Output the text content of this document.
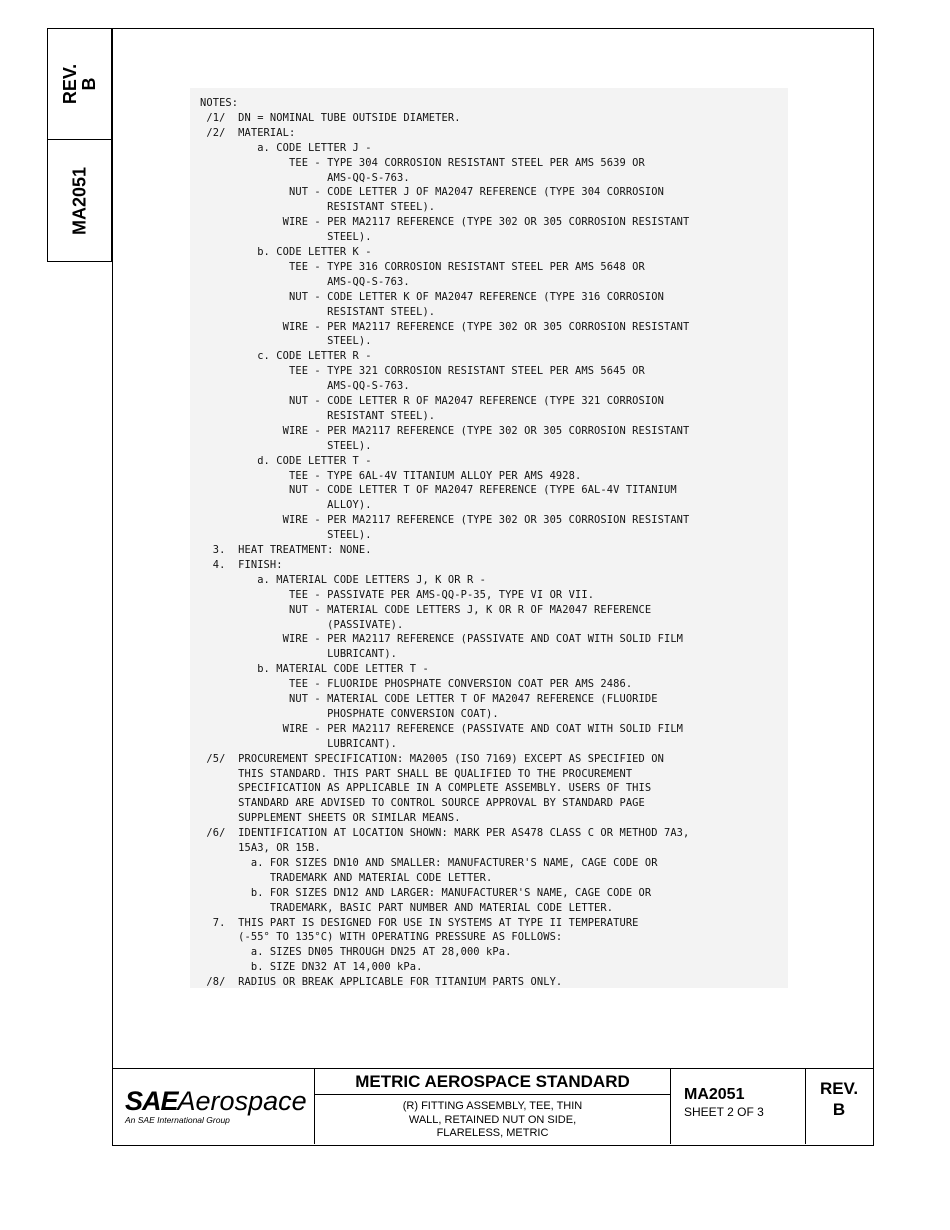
REV.
B
MA2051
NOTES:
/1/  DN = NOMINAL TUBE OUTSIDE DIAMETER.
/2/  MATERIAL:
a. CODE LETTER J -
TEE - TYPE 304 CORROSION RESISTANT STEEL PER AMS 5639 OR
AMS-QQ-S-763.
NUT - CODE LETTER J OF MA2047 REFERENCE (TYPE 304 CORROSION
RESISTANT STEEL).
WIRE - PER MA2117 REFERENCE (TYPE 302 OR 305 CORROSION RESISTANT
STEEL).
b. CODE LETTER K -
TEE - TYPE 316 CORROSION RESISTANT STEEL PER AMS 5648 OR
AMS-QQ-S-763.
NUT - CODE LETTER K OF MA2047 REFERENCE (TYPE 316 CORROSION
RESISTANT STEEL).
WIRE - PER MA2117 REFERENCE (TYPE 302 OR 305 CORROSION RESISTANT
STEEL).
c. CODE LETTER R -
TEE - TYPE 321 CORROSION RESISTANT STEEL PER AMS 5645 OR
AMS-QQ-S-763.
NUT - CODE LETTER R OF MA2047 REFERENCE (TYPE 321 CORROSION
RESISTANT STEEL).
WIRE - PER MA2117 REFERENCE (TYPE 302 OR 305 CORROSION RESISTANT
STEEL).
d. CODE LETTER T -
TEE - TYPE 6AL-4V TITANIUM ALLOY PER AMS 4928.
NUT - CODE LETTER T OF MA2047 REFERENCE (TYPE 6AL-4V TITANIUM
ALLOY).
WIRE - PER MA2117 REFERENCE (TYPE 302 OR 305 CORROSION RESISTANT
STEEL).
3.  HEAT TREATMENT: NONE.
4.  FINISH:
a. MATERIAL CODE LETTERS J, K OR R -
TEE - PASSIVATE PER AMS-QQ-P-35, TYPE VI OR VII.
NUT - MATERIAL CODE LETTERS J, K OR R OF MA2047 REFERENCE
(PASSIVATE).
WIRE - PER MA2117 REFERENCE (PASSIVATE AND COAT WITH SOLID FILM
LUBRICANT).
b. MATERIAL CODE LETTER T -
TEE - FLUORIDE PHOSPHATE CONVERSION COAT PER AMS 2486.
NUT - MATERIAL CODE LETTER T OF MA2047 REFERENCE (FLUORIDE
PHOSPHATE CONVERSION COAT).
WIRE - PER MA2117 REFERENCE (PASSIVATE AND COAT WITH SOLID FILM
LUBRICANT).
/5/  PROCUREMENT SPECIFICATION: MA2005 (ISO 7169) EXCEPT AS SPECIFIED ON
THIS STANDARD. THIS PART SHALL BE QUALIFIED TO THE PROCUREMENT
SPECIFICATION AS APPLICABLE IN A COMPLETE ASSEMBLY. USERS OF THIS
STANDARD ARE ADVISED TO CONTROL SOURCE APPROVAL BY STANDARD PAGE
SUPPLEMENT SHEETS OR SIMILAR MEANS.
/6/  IDENTIFICATION AT LOCATION SHOWN: MARK PER AS478 CLASS C OR METHOD 7A3,
15A3, OR 15B.
a. FOR SIZES DN10 AND SMALLER: MANUFACTURER'S NAME, CAGE CODE OR
TRADEMARK AND MATERIAL CODE LETTER.
b. FOR SIZES DN12 AND LARGER: MANUFACTURER'S NAME, CAGE CODE OR
TRADEMARK, BASIC PART NUMBER AND MATERIAL CODE LETTER.
7.  THIS PART IS DESIGNED FOR USE IN SYSTEMS AT TYPE II TEMPERATURE
(-55° TO 135°C) WITH OPERATING PRESSURE AS FOLLOWS:
a. SIZES DN05 THROUGH DN25 AT 28,000 kPa.
b. SIZE DN32 AT 14,000 kPa.
/8/  RADIUS OR BREAK APPLICABLE FOR TITANIUM PARTS ONLY.
SAEAerospace
An SAE International Group
METRIC AEROSPACE STANDARD
(R) FITTING ASSEMBLY, TEE, THIN
WALL, RETAINED NUT ON SIDE,
FLARELESS, METRIC
MA2051
SHEET 2 OF 3
REV.
B
